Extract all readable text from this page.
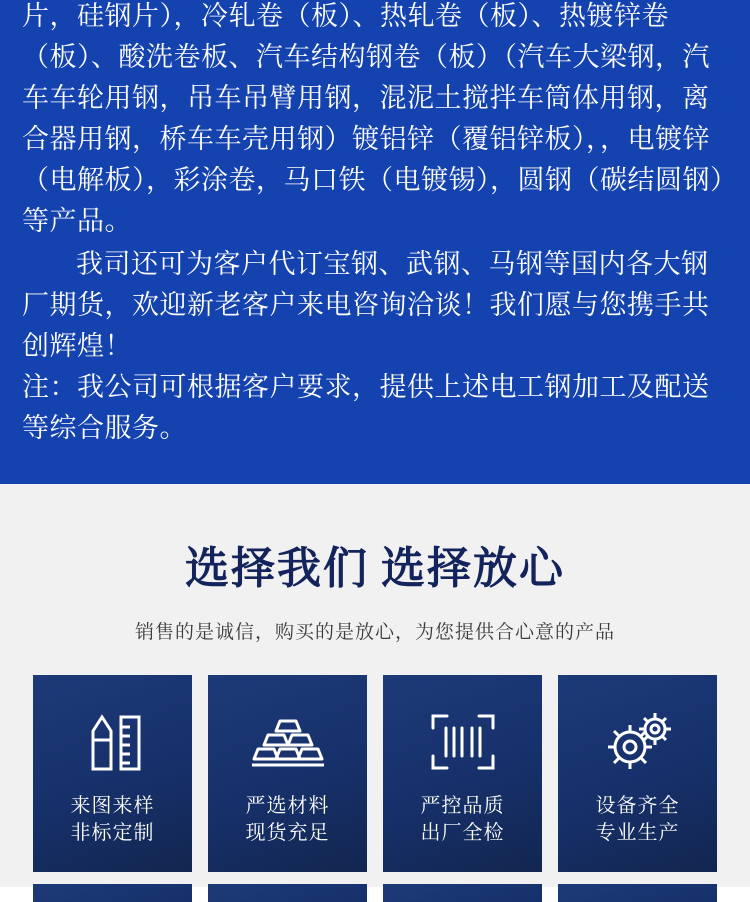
片，硅钢片），冷轧卷（板）、热轧卷（板）、热镀锌卷（板）、酸洗卷板、汽车结构钢卷（板）（汽车大梁钢，汽车车轮用钢，吊车吊臂用钢，混泥土搅拌车筒体用钢，离合器用钢，桥车车壳用钢）镀铝锌（覆铝锌板），，电镀锌（电解板），彩涂卷，马口铁（电镀锡），圆钢（碳结圆钢）等产品。

我司还可为客户代订宝钢、武钢、马钢等国内各大钢厂期货，欢迎新老客户来电咨询洽谈！我们愿与您携手共创辉煌！

注：我公司可根据客户要求，提供上述电工钢加工及配送等综合服务。

选择我们 选择放心

销售的是诚信，购买的是放心，为您提供合心意的产品

来图来样
非标定制
严选材料
现货充足
严控品质
出厂全检
设备齐全
专业生产
